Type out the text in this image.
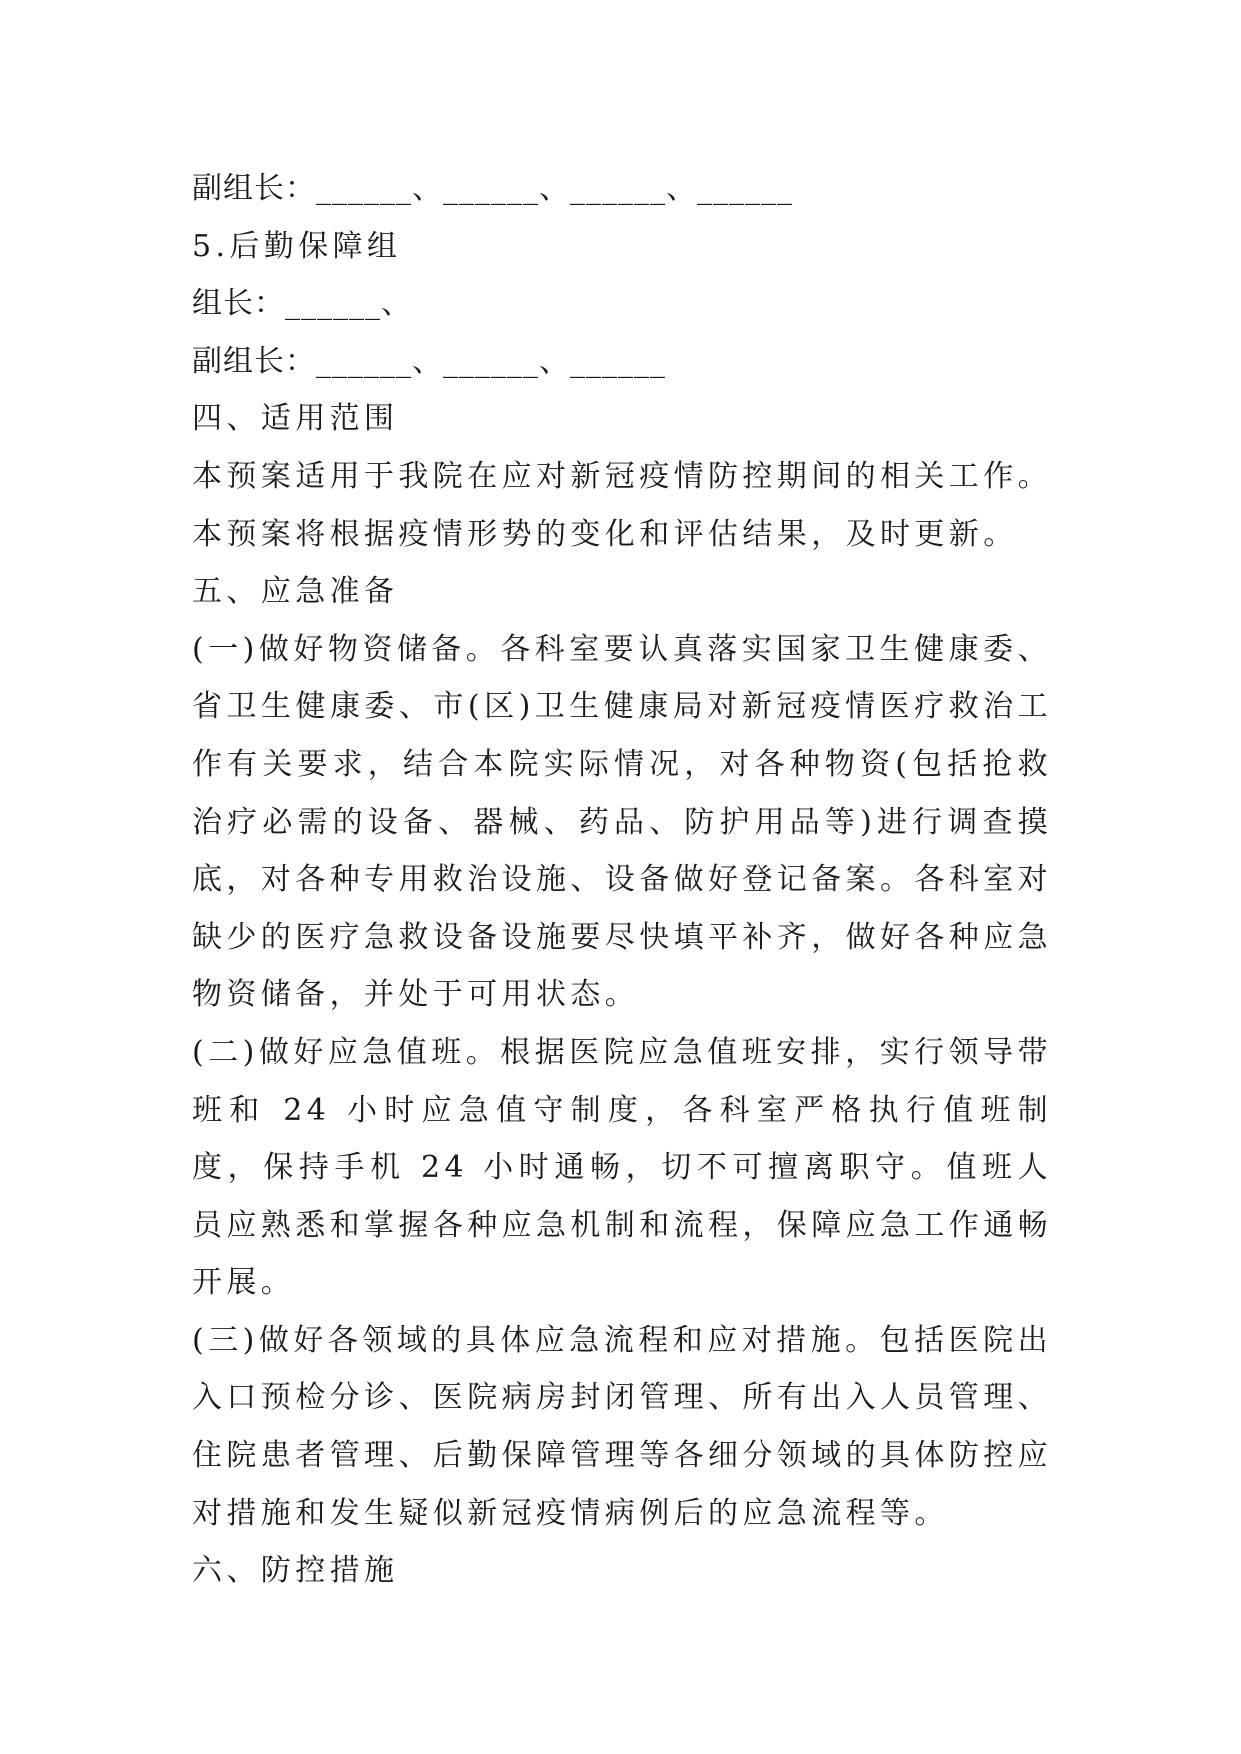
副组长：______、______、______、______

5.后勤保障组

组长：______、

副组长：______、______、______

四、适用范围

本预案适用于我院在应对新冠疫情防控期间的相关工作。本预案将根据疫情形势的变化和评估结果，及时更新。

五、应急准备

(一)做好物资储备。各科室要认真落实国家卫生健康委、省卫生健康委、市(区)卫生健康局对新冠疫情医疗救治工作有关要求，结合本院实际情况，对各种物资(包括抢救治疗必需的设备、器械、药品、防护用品等)进行调查摸底，对各种专用救治设施、设备做好登记备案。各科室对缺少的医疗急救设备设施要尽快填平补齐，做好各种应急物资储备，并处于可用状态。

(二)做好应急值班。根据医院应急值班安排，实行领导带班和 24 小时应急值守制度，各科室严格执行值班制度，保持手机 24 小时通畅，切不可擅离职守。值班人员应熟悉和掌握各种应急机制和流程，保障应急工作通畅开展。

(三)做好各领域的具体应急流程和应对措施。包括医院出入口预检分诊、医院病房封闭管理、所有出入人员管理、住院患者管理、后勤保障管理等各细分领域的具体防控应对措施和发生疑似新冠疫情病例后的应急流程等。

六、防控措施
